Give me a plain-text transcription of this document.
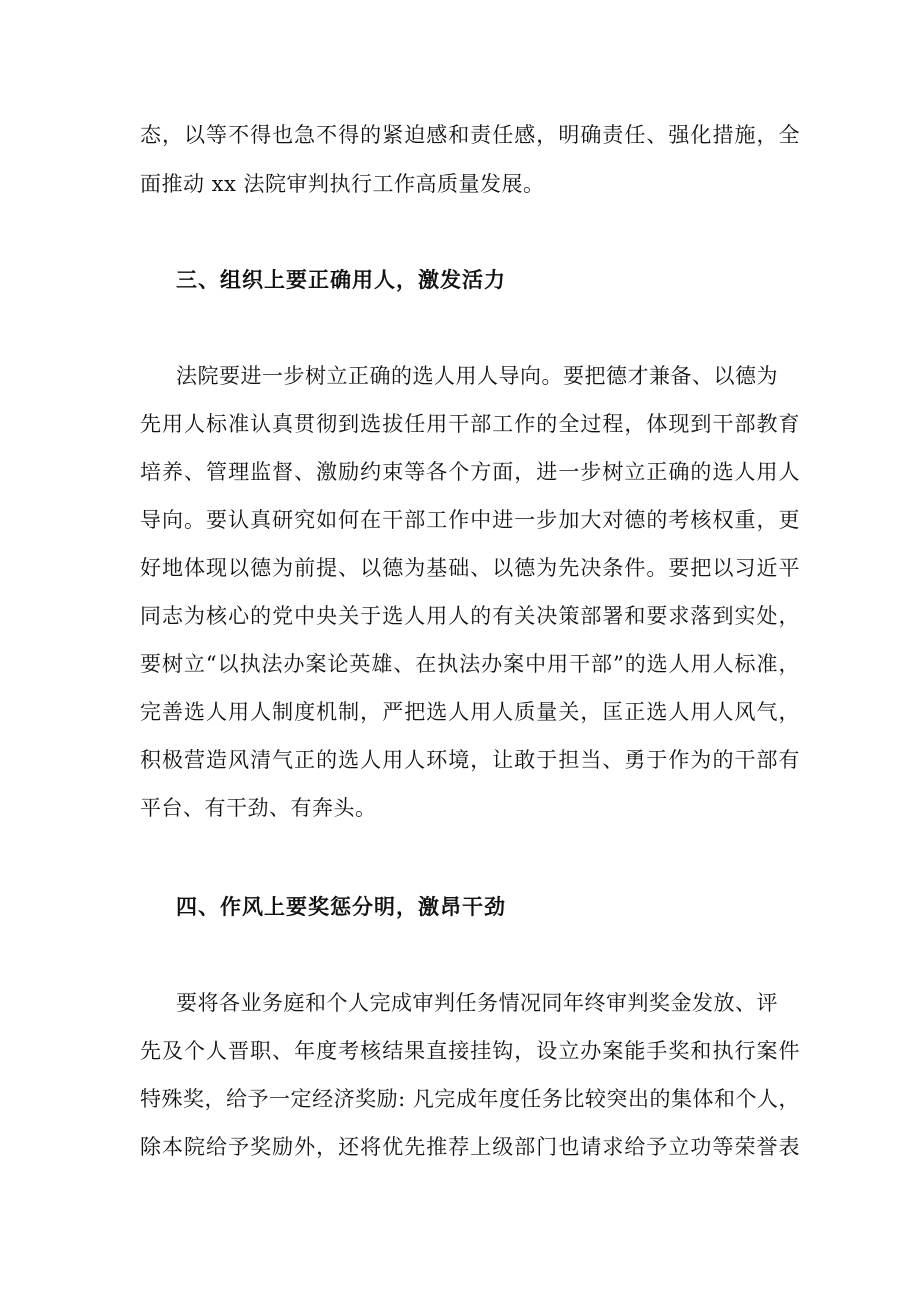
态，以等不得也急不得的紧迫感和责任感，明确责任、强化措施，全
面推动 xx 法院审判执行工作高质量发展。
三、组织上要正确用人，激发活力
法院要进一步树立正确的选人用人导向。要把德才兼备、以德为
先用人标准认真贯彻到选拔任用干部工作的全过程，体现到干部教育
培养、管理监督、激励约束等各个方面，进一步树立正确的选人用人
导向。要认真研究如何在干部工作中进一步加大对德的考核权重，更
好地体现以德为前提、以德为基础、以德为先决条件。要把以习近平
同志为核心的党中央关于选人用人的有关决策部署和要求落到实处，
要树立“以执法办案论英雄、在执法办案中用干部”的选人用人标准，
完善选人用人制度机制，严把选人用人质量关，匡正选人用人风气，
积极营造风清气正的选人用人环境，让敢于担当、勇于作为的干部有
平台、有干劲、有奔头。
四、作风上要奖惩分明，激昂干劲
要将各业务庭和个人完成审判任务情况同年终审判奖金发放、评
先及个人晋职、年度考核结果直接挂钩，设立办案能手奖和执行案件
特殊奖，给予一定经济奖励: 凡完成年度任务比较突出的集体和个人，
除本院给予奖励外，还将优先推荐上级部门也请求给予立功等荣誉表
